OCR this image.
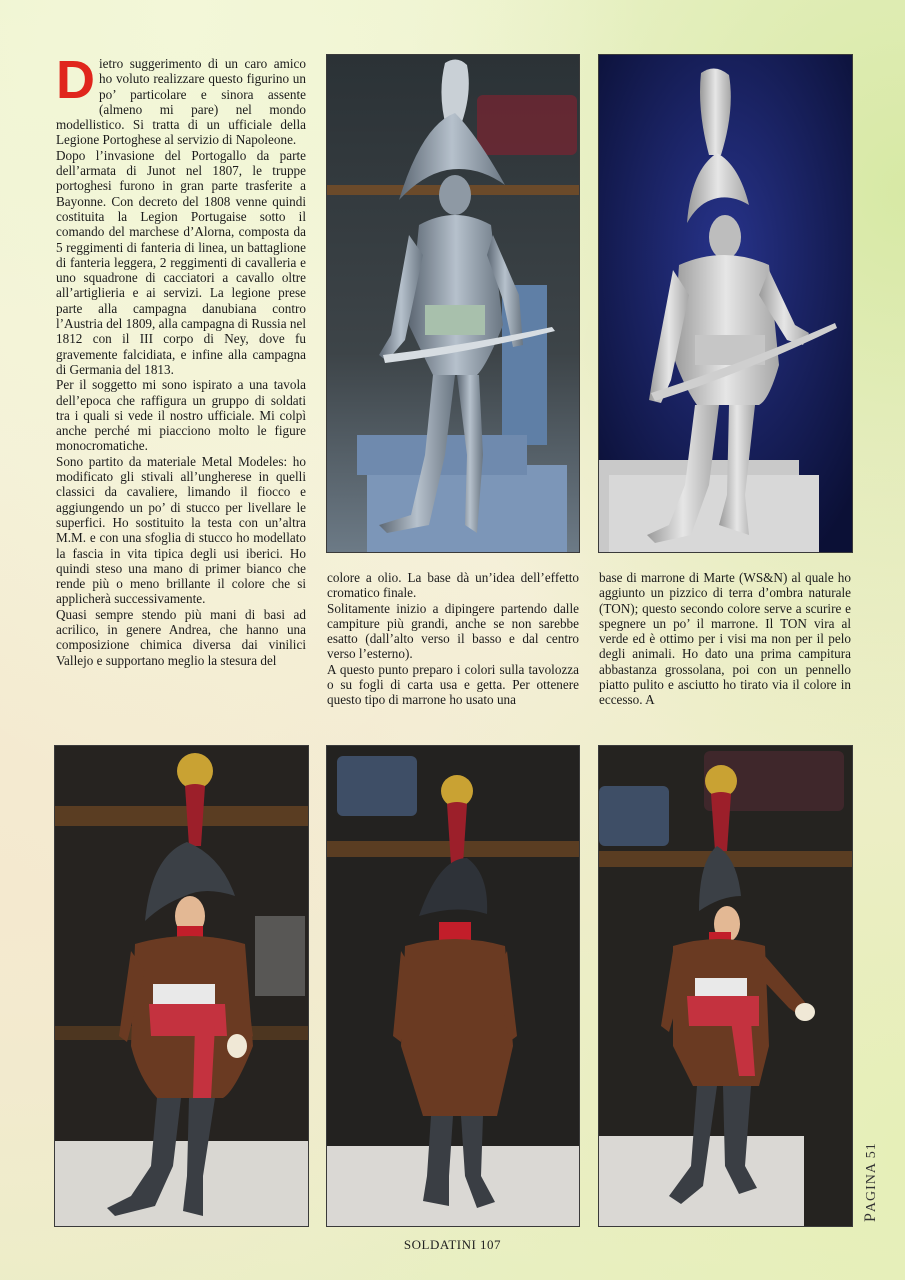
D ietro suggerimento di un caro amico ho voluto realizzare questo figurino un po’ particolare e sinora assente (almeno mi pare) nel mondo modellistico. Si tratta di un ufficiale della Legione Portoghese al servizio di Napoleone.

Dopo l’invasione del Portogallo da parte dell’armata di Junot nel 1807, le truppe portoghesi furono in gran parte trasferite a Bayonne. Con decreto del 1808 venne quindi costituita la Legion Portugaise sotto il comando del marchese d’Alorna, composta da 5 reggimenti di fanteria di linea, un battaglione di fanteria leggera, 2 reggimenti di cavalleria e uno squadrone di cacciatori a cavallo oltre all’artiglieria e ai servizi. La legione prese parte alla campagna danubiana contro l’Austria del 1809, alla campagna di Russia nel 1812 con il III corpo di Ney, dove fu gravemente falcidiata, e infine alla campagna di Germania del 1813.

Per il soggetto mi sono ispirato a una tavola dell’epoca che raffigura un gruppo di soldati tra i quali si vede il nostro ufficiale. Mi colpì anche perché mi piacciono molto le figure monocromatiche.

Sono partito da materiale Metal Modeles: ho modificato gli stivali all’ungherese in quelli classici da cavaliere, limando il fiocco e aggiungendo un po’ di stucco per livellare le superfici. Ho sostituito la testa con un’altra M.M. e con una sfoglia di stucco ho modellato la fascia in vita tipica degli usi iberici. Ho quindi steso una mano di primer bianco che rende più o meno brillante il colore che si applicherà successivamente.

Quasi sempre stendo più mani di basi ad acrilico, in genere Andrea, che hanno una composizione chimica diversa dai vinilici Vallejo e supportano meglio la stesura del

colore a olio. La base dà un’idea dell’effetto cromatico finale.

Solitamente inizio a dipingere partendo dalle campiture più grandi, anche se non sarebbe esatto (dall’alto verso il basso e dal centro verso l’esterno).

A questo punto preparo i colori sulla tavolozza o su fogli di carta usa e getta. Per ottenere questo tipo di marrone ho usato una

base di marrone di Marte (WS&N) al quale ho aggiunto un pizzico di terra d’ombra naturale (TON); questo secondo colore serve a scurire e spegnere un po’ il marrone. Il TON vira al verde ed è ottimo per i visi ma non per il pelo degli animali. Ho dato una prima campitura abbastanza grossolana, poi con un pennello piatto pulito e asciutto ho tirato via il colore in eccesso. A

SOLDATINI 107
PAGINA 51
